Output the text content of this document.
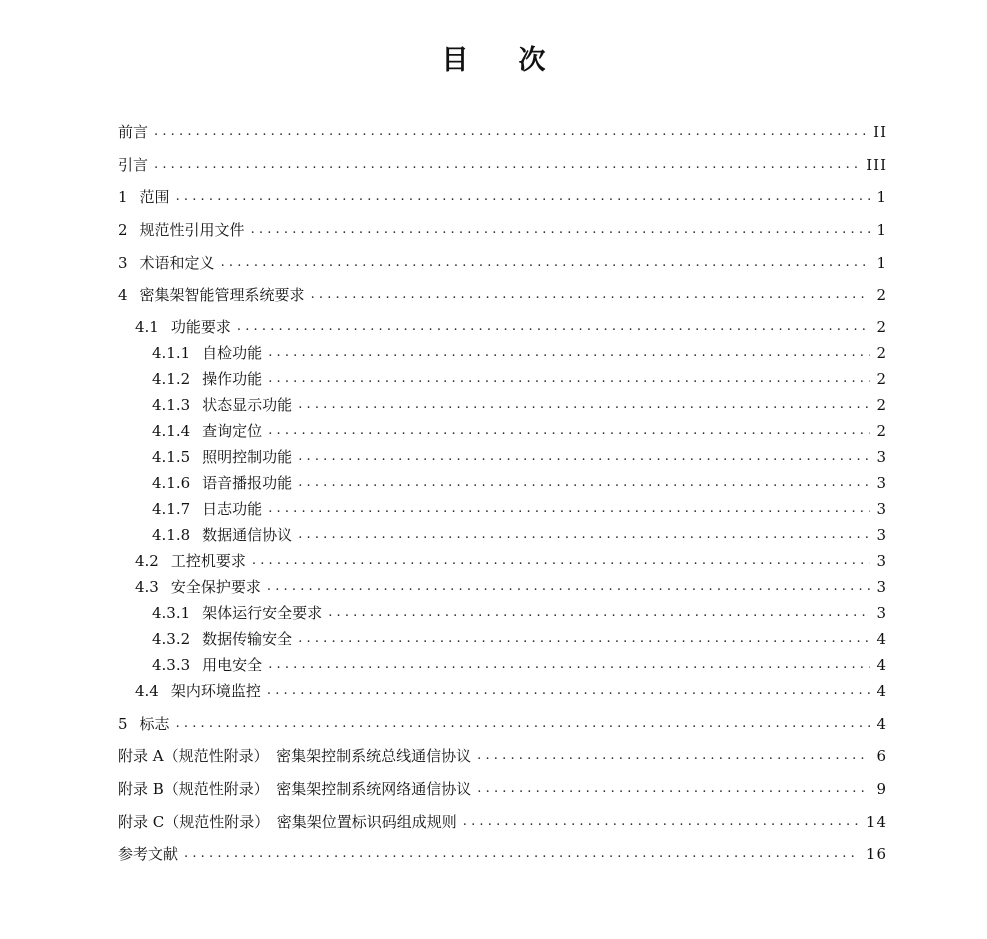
目 次
前言 .....	II
引言 .....	III
1 范围 .....	1
2 规范性引用文件 .....	1
3 术语和定义 .....	1
4 密集架智能管理系统要求 .....	2
4.1 功能要求 .....	2
4.1.1 自检功能 .....	2
4.1.2 操作功能 .....	2
4.1.3 状态显示功能 .....	2
4.1.4 查询定位 .....	2
4.1.5 照明控制功能 .....	3
4.1.6 语音播报功能 .....	3
4.1.7 日志功能 .....	3
4.1.8 数据通信协议 .....	3
4.2 工控机要求 .....	3
4.3 安全保护要求 .....	3
4.3.1 架体运行安全要求 .....	3
4.3.2 数据传输安全 .....	4
4.3.3 用电安全 .....	4
4.4 架内环境监控 .....	4
5 标志 .....	4
附录 A（规范性附录）　密集架控制系统总线通信协议 .....	6
附录 B（规范性附录）　密集架控制系统网络通信协议 .....	9
附录 C（规范性附录）　密集架位置标识码组成规则 .....	14
参考文献 .....	16
